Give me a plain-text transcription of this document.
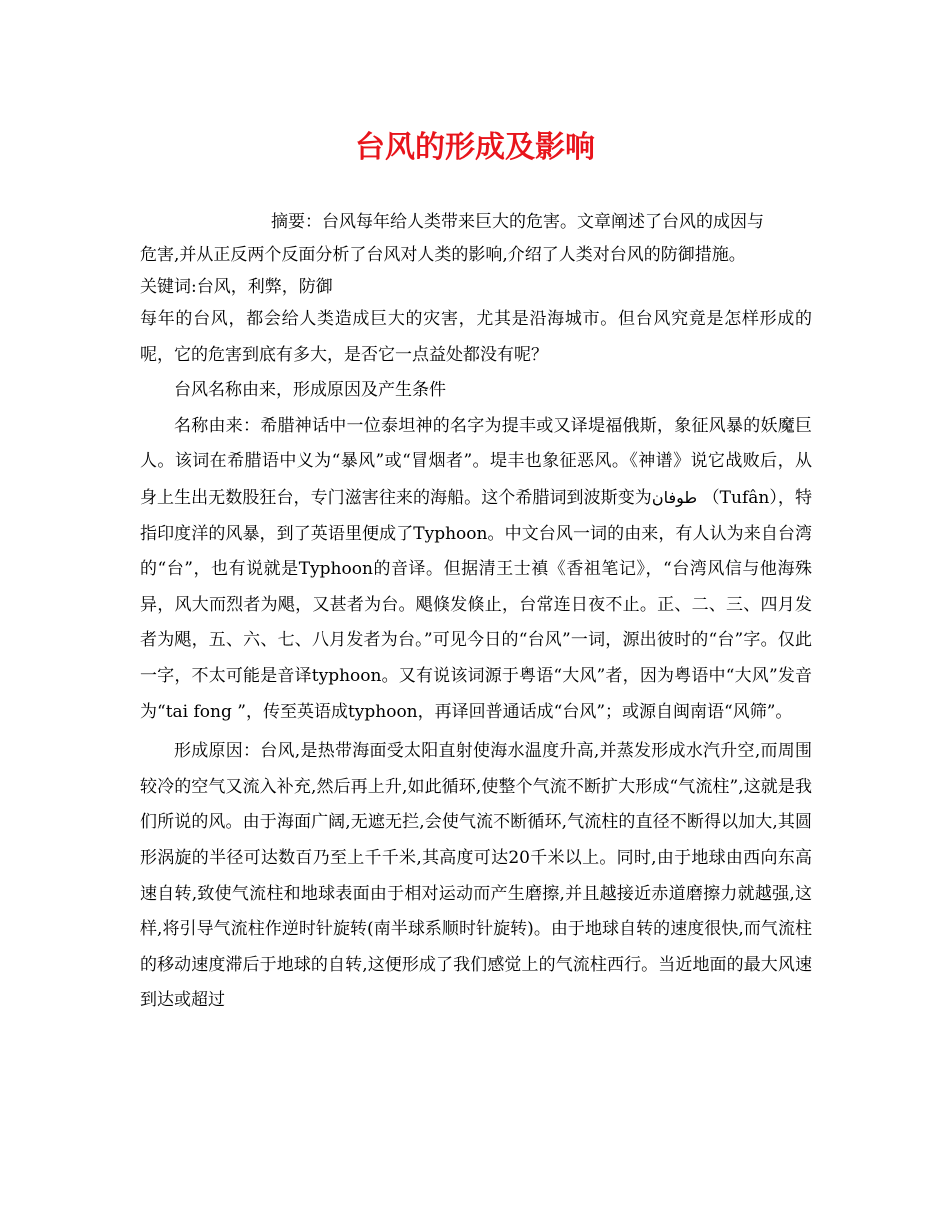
台风的形成及影响

摘要：台风每年给人类带来巨大的危害。文章阐述了台风的成因与

危害,并从正反两个反面分析了台风对人类的影响,介绍了人类对台风的防御措施。

关键词:台风，利弊，防御

每年的台风，都会给人类造成巨大的灾害，尤其是沿海城市。但台风究竟是怎样形成的呢，它的危害到底有多大，是否它一点益处都没有呢？

台风名称由来，形成原因及产生条件

名称由来：希腊神话中一位泰坦神的名字为提丰或又译堤福俄斯，象征风暴的妖魔巨人。该词在希腊语中义为“暴风”或“冒烟者”。堤丰也象征恶风。《神谱》说它战败后，从身上生出无数股狂台，专门滋害往来的海船。这个希腊词到波斯变为طوفان （Tufân），特指印度洋的风暴，到了英语里便成了Typhoon。中文台风一词的由来，有人认为来自台湾的“台”，也有说就是Typhoon的音译。但据清王士禛《香祖笔记》，“台湾风信与他海殊异，风大而烈者为飓，又甚者为台。飓倏发倏止，台常连日夜不止。正、二、三、四月发者为飓，五、六、七、八月发者为台。”可见今日的“台风”一词，源出彼时的“台”字。仅此一字，不太可能是音译typhoon。又有说该词源于粤语“大风”者，因为粤语中“大风”发音为“tai fong ”，传至英语成typhoon，再译回普通话成“台风”；或源自闽南语“风筛”。

形成原因：台风,是热带海面受太阳直射使海水温度升高,并蒸发形成水汽升空,而周围较冷的空气又流入补充,然后再上升,如此循环,使整个气流不断扩大形成“气流柱”,这就是我们所说的风。由于海面广阔,无遮无拦,会使气流不断循环,气流柱的直径不断得以加大,其圆形涡旋的半径可达数百乃至上千千米,其高度可达20千米以上。同时,由于地球由西向东高速自转,致使气流柱和地球表面由于相对运动而产生磨擦,并且越接近赤道磨擦力就越强,这样,将引导气流柱作逆时针旋转(南半球系顺时针旋转)。由于地球自转的速度很快,而气流柱的移动速度滞后于地球的自转,这便形成了我们感觉上的气流柱西行。当近地面的最大风速到达或超过
